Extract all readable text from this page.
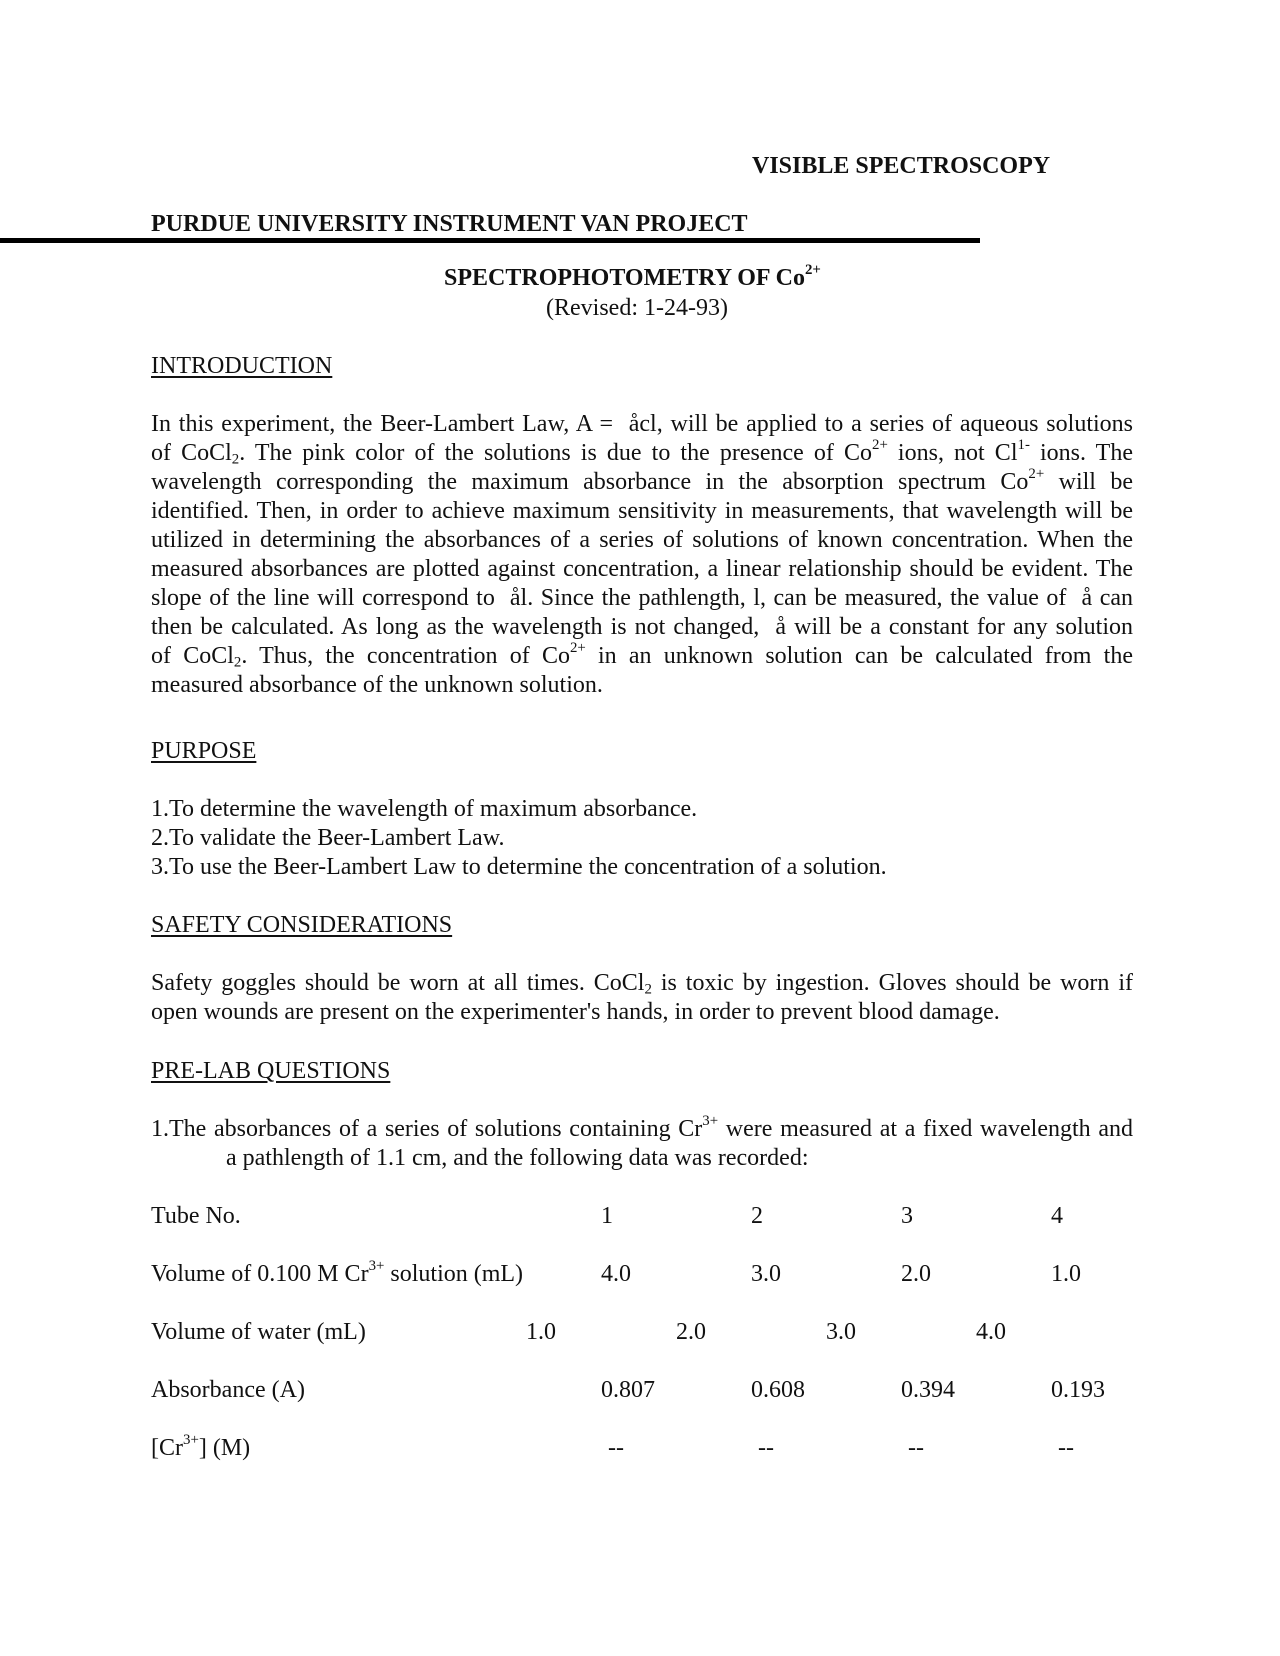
VISIBLE SPECTROSCOPY
PURDUE UNIVERSITY INSTRUMENT VAN PROJECT
SPECTROPHOTOMETRY OF $Co^{2+}$
(Revised: 1-24-93)
INTRODUCTION
In this experiment, the Beer-Lambert Law, A =  åcl, will be applied to a series of aqueous solutions
of CoCl$_2$. The pink color of the solutions is due to the presence of $Co^{2+}$ ions, not $Cl^{1-}$ ions. The
wavelength corresponding the maximum absorbance in the absorption spectrum $Co^{2+}$ will be
identified. Then, in order to achieve maximum sensitivity in measurements, that wavelength will be
utilized in determining the absorbances of a series of solutions of known concentration. When the
measured absorbances are plotted against concentration, a linear relationship should be evident. The
slope of the line will correspond to  ål. Since the pathlength, l, can be measured, the value of  å can
then be calculated. As long as the wavelength is not changed,  å will be a constant for any solution
of CoCl$_2$. Thus, the concentration of $Co^{2+}$ in an unknown solution can be calculated from the
measured absorbance of the unknown solution.
PURPOSE
1.To determine the wavelength of maximum absorbance.
2.To validate the Beer-Lambert Law.
3.To use the Beer-Lambert Law to determine the concentration of a solution.
SAFETY CONSIDERATIONS
Safety goggles should be worn at all times. CoCl$_2$ is toxic by ingestion. Gloves should be worn if
open wounds are present on the experimenter's hands, in order to prevent blood damage.
PRE-LAB QUESTIONS
1.The absorbances of a series of solutions containing $Cr^{3+}$ were measured at a fixed wavelength and
a pathlength of 1.1 cm, and the following data was recorded:
Tube No.	1	2	3	4
Volume of 0.100 M $Cr^{3+}$ solution (mL)	4.0	3.0	2.0	1.0
Volume of water (mL)	1.0	2.0	3.0	4.0
Absorbance (A)	0.807	0.608	0.394	0.193
$[Cr^{3+}]$ (M)	--	--	--	--
